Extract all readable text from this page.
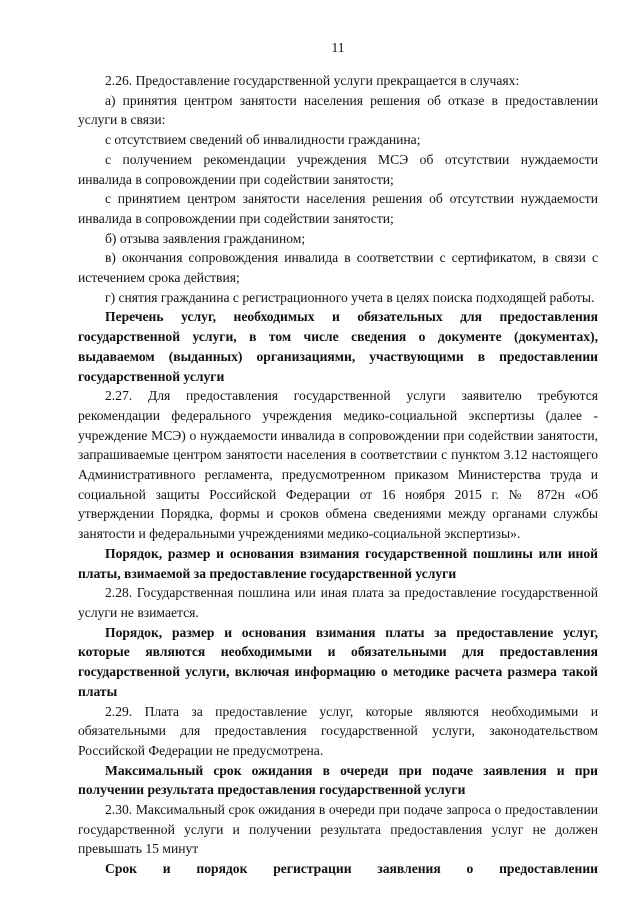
11

2.26. Предоставление государственной услуги прекращается в случаях:

а) принятия центром занятости населения решения об отказе в предоставлении услуги в связи:

с отсутствием сведений об инвалидности гражданина;

с получением рекомендации учреждения МСЭ об отсутствии нуждаемости инвалида в сопровождении при содействии занятости;

с принятием центром занятости населения решения об отсутствии нуждаемости инвалида в сопровождении при содействии занятости;

б) отзыва заявления гражданином;

в) окончания сопровождения инвалида в соответствии с сертификатом, в связи с истечением срока действия;

г) снятия гражданина с регистрационного учета в целях поиска подходящей работы.

Перечень услуг, необходимых и обязательных для предоставления государственной услуги, в том числе сведения о документе (документах), выдаваемом (выданных) организациями, участвующими в предоставлении государственной услуги

2.27. Для предоставления государственной услуги заявителю требуются рекомендации федерального учреждения медико-социальной экспертизы (далее - учреждение МСЭ) о нуждаемости инвалида в сопровождении при содействии занятости, запрашиваемые центром занятости населения в соответствии с пунктом 3.12 настоящего Административного регламента, предусмотренном приказом Министерства труда и социальной защиты Российской Федерации от 16 ноября 2015 г. № 872н «Об утверждении Порядка, формы и сроков обмена сведениями между органами службы занятости и федеральными учреждениями медико-социальной экспертизы».

Порядок, размер и основания взимания государственной пошлины или иной платы, взимаемой за предоставление государственной услуги

2.28. Государственная пошлина или иная плата за предоставление государственной услуги не взимается.

Порядок, размер и основания взимания платы за предоставление услуг, которые являются необходимыми и обязательными для предоставления государственной услуги, включая информацию о методике расчета размера такой платы

2.29. Плата за предоставление услуг, которые являются необходимыми и обязательными для предоставления государственной услуги, законодательством Российской Федерации не предусмотрена.

Максимальный срок ожидания в очереди при подаче заявления и при получении результата предоставления государственной услуги

2.30. Максимальный срок ожидания в очереди при подаче запроса о предоставлении государственной услуги и получении результата предоставления услуг не должен превышать 15 минут

Срок и порядок регистрации заявления о предоставлении
